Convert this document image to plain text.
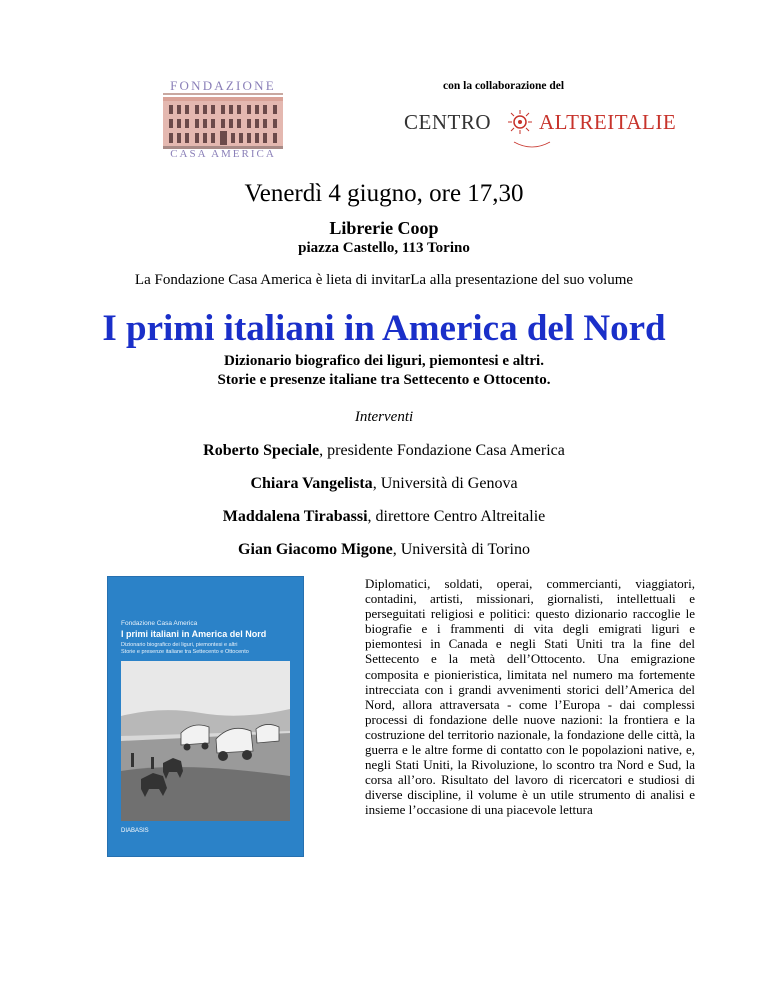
FONDAZIONE
CASA AMERICA
con la collaborazione del
CENTRO ALTREITALIE
Venerdì 4 giugno, ore 17,30
Librerie Coop
piazza Castello, 113 Torino
La Fondazione Casa America è lieta di invitarLa alla presentazione del suo volume
I primi italiani in America del Nord
Dizionario biografico dei liguri, piemontesi e altri.
Storie e presenze italiane tra Settecento e Ottocento.
Interventi
Roberto Speciale, presidente Fondazione Casa America
Chiara Vangelista, Università di Genova
Maddalena Tirabassi, direttore Centro Altreitalie
Gian Giacomo Migone, Università di Torino
Fondazione Casa America
I primi italiani in America del Nord
Dizionario biografico dei liguri, piemontesi e altri
Storie e presenze italiane tra Settecento e Ottocento
DIABASIS

Diplomatici, soldati, operai, commercianti, viaggiatori, contadini, artisti, missionari, giornalisti, intellettuali e perseguitati religiosi e politici: questo dizionario raccoglie le biografie e i frammenti di vita degli emigrati liguri e piemontesi in Canada e negli Stati Uniti tra la fine del Settecento e la metà dell’Ottocento. Una emigrazione composita e pionieristica, limitata nel numero ma fortemente intrecciata con i grandi avvenimenti storici dell’America del Nord, allora attraversata - come l’Europa - dai complessi processi di fondazione delle nuove nazioni: la frontiera e la costruzione del territorio nazionale, la fondazione delle città, la guerra e le altre forme di contatto con le popolazioni native, e, negli Stati Uniti, la Rivoluzione, lo scontro tra Nord e Sud, la corsa all’oro. Risultato del lavoro di ricercatori e studiosi di diverse discipline, il volume è un utile strumento di analisi e insieme l’occasione di una piacevole lettura
